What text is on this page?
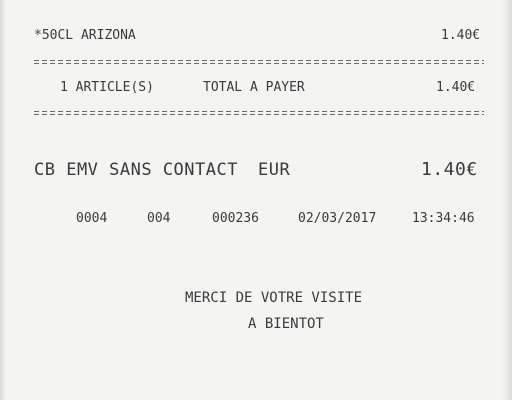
*50CL ARIZONA	1.40€
1 ARTICLE(S)	TOTAL A PAYER	1.40€
CB EMV SANS CONTACT EUR	1.40€
0004	004	000236	02/03/2017	13:34:46
MERCI DE VOTRE VISITE
A BIENTOT
